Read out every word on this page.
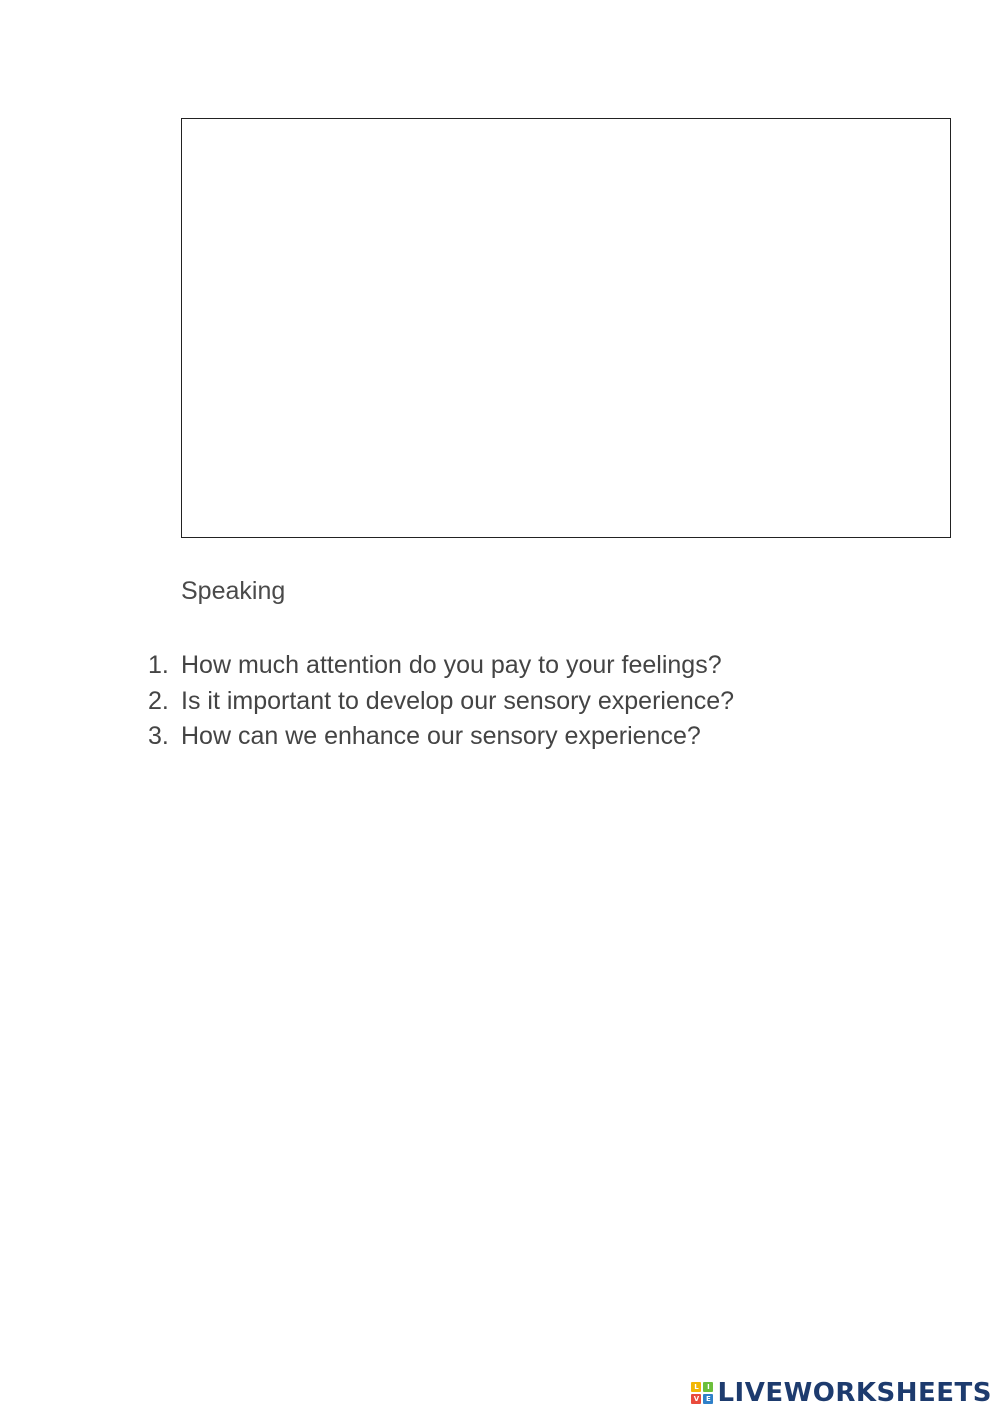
Speaking
1. How much attention do you pay to your feelings?
2. Is it important to develop our sensory experience?
3. How can we enhance our sensory experience?
L	I
V E LIVEWORKSHEETS
